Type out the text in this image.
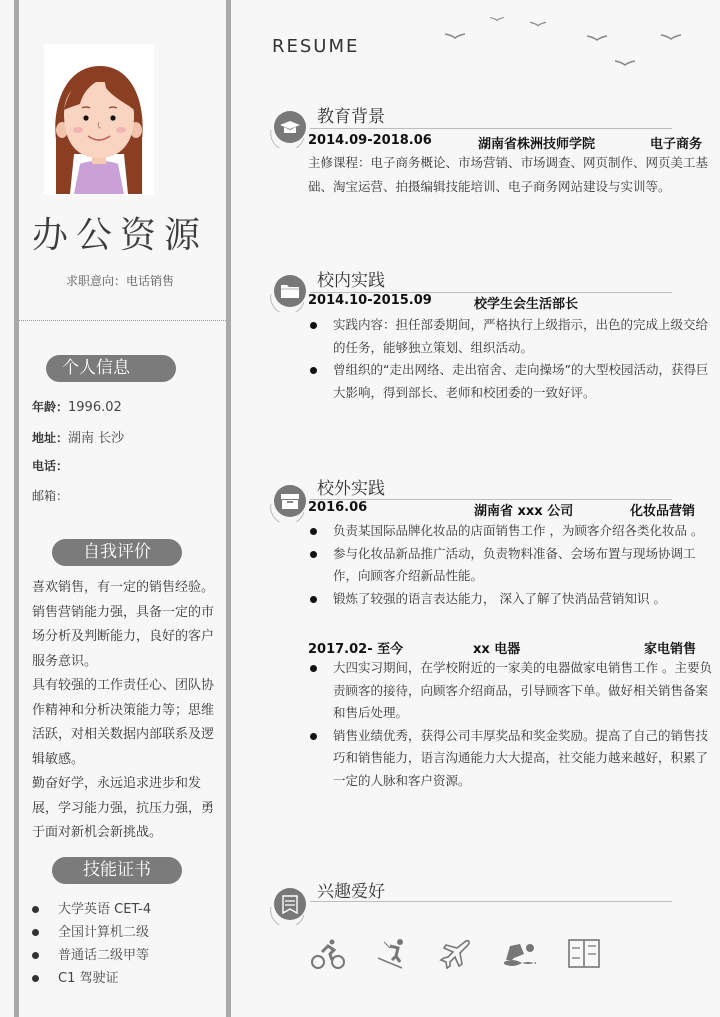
办公资源
求职意向：电话销售
个人信息
年龄：1996.02
地址：湖南 长沙
电话：
邮箱：
自我评价
喜欢销售，有一定的销售经验。
销售营销能力强，具备一定的市场分析及判断能力，良好的客户服务意识。
具有较强的工作责任心、团队协作精神和分析决策能力等；思维活跃，对相关数据内部联系及逻辑敏感。
勤奋好学，永远追求进步和发展，学习能力强，抗压力强，勇于面对新机会新挑战。
技能证书
大学英语 CET-4
全国计算机二级
普通话二级甲等
C1 驾驶证
RESUME
教育背景
2014.09-2018.06	湖南省株洲技师学院	电子商务
主修课程：电子商务概论、市场营销、市场调查、网页制作、网页美工基础、淘宝运营、拍摄编辑技能培训、电子商务网站建设与实训等。
校内实践
2014.10-2015.09	校学生会生活部长
实践内容：担任部委期间，严格执行上级指示，出色的完成上级交给的任务，能够独立策划、组织活动。
曾组织的“走出网络、走出宿舍、走向操场”的大型校园活动，获得巨大影响，得到部长、老师和校团委的一致好评。
校外实践
2016.06	湖南省 xxx 公司	化妆品营销
负责某国际品牌化妆品的店面销售工作 ，为顾客介绍各类化妆品 。
参与化妆品新品推广活动，负责物料准备、会场布置与现场协调工作，向顾客介绍新品性能。
锻炼了较强的语言表达能力， 深入了解了快消品营销知识 。
2017.02- 至今	xx 电器	家电销售
大四实习期间，在学校附近的一家美的电器做家电销售工作 。主要负责顾客的接待，向顾客介绍商品，引导顾客下单。做好相关销售备案和售后处理。
销售业绩优秀，获得公司丰厚奖品和奖金奖励。提高了自己的销售技巧和销售能力，语言沟通能力大大提高，社交能力越来越好，积累了一定的人脉和客户资源。
兴趣爱好
